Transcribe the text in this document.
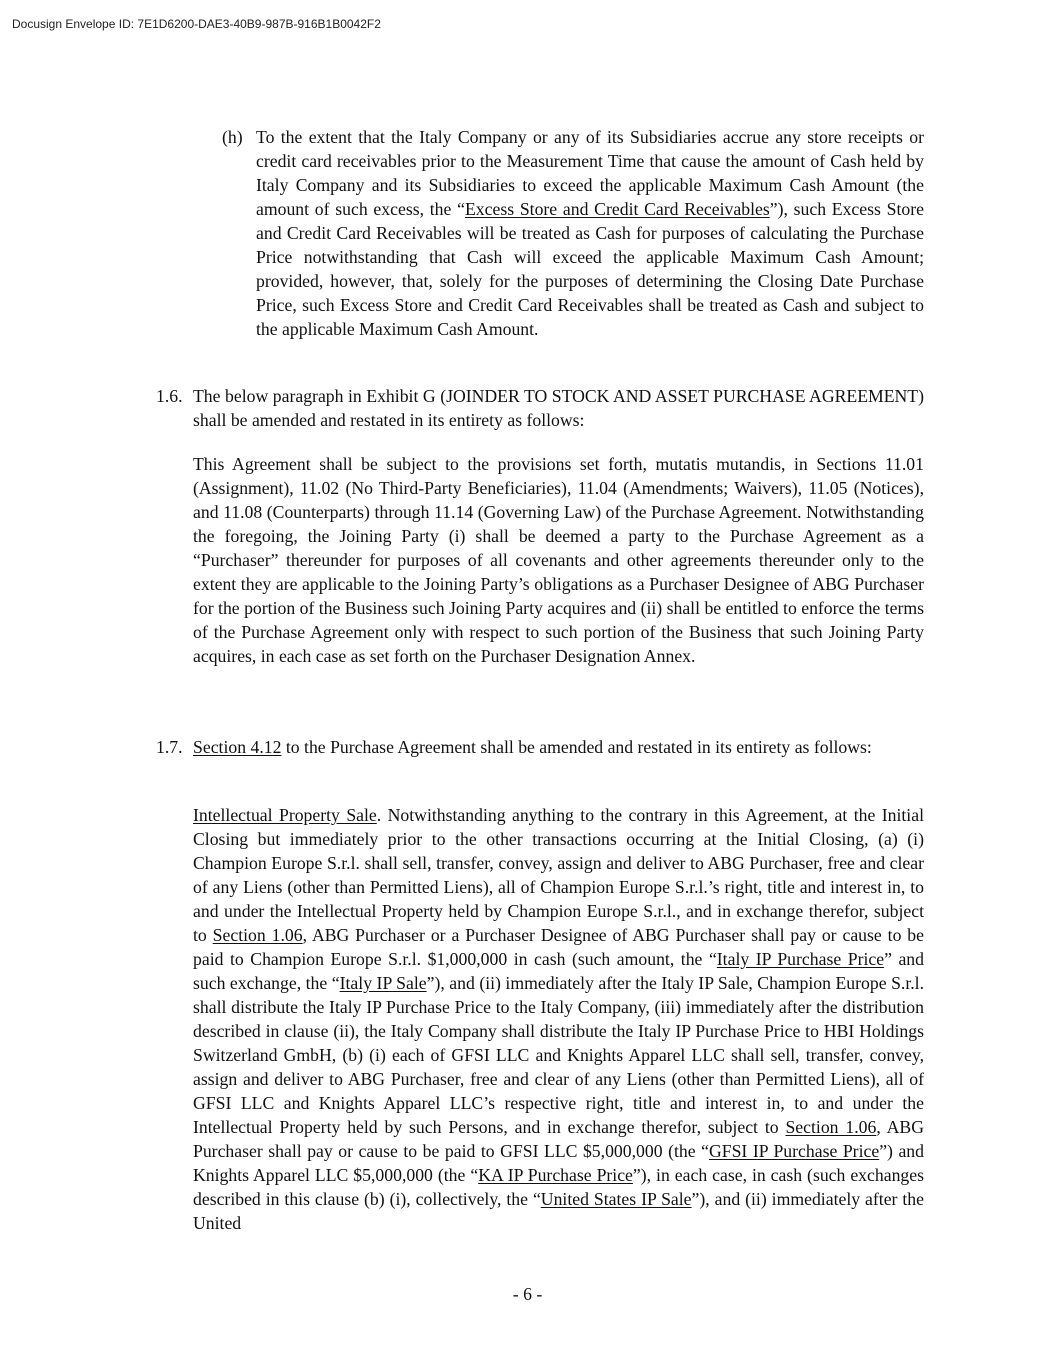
Docusign Envelope ID: 7E1D6200-DAE3-40B9-987B-916B1B0042F2
(h) To the extent that the Italy Company or any of its Subsidiaries accrue any store receipts or credit card receivables prior to the Measurement Time that cause the amount of Cash held by Italy Company and its Subsidiaries to exceed the applicable Maximum Cash Amount (the amount of such excess, the “Excess Store and Credit Card Receivables”), such Excess Store and Credit Card Receivables will be treated as Cash for purposes of calculating the Purchase Price notwithstanding that Cash will exceed the applicable Maximum Cash Amount; provided, however, that, solely for the purposes of determining the Closing Date Purchase Price, such Excess Store and Credit Card Receivables shall be treated as Cash and subject to the applicable Maximum Cash Amount.

1.6. The below paragraph in Exhibit G (JOINDER TO STOCK AND ASSET PURCHASE AGREEMENT) shall be amended and restated in its entirety as follows:

This Agreement shall be subject to the provisions set forth, mutatis mutandis, in Sections 11.01 (Assignment), 11.02 (No Third-Party Beneficiaries), 11.04 (Amendments; Waivers), 11.05 (Notices), and 11.08 (Counterparts) through 11.14 (Governing Law) of the Purchase Agreement. Notwithstanding the foregoing, the Joining Party (i) shall be deemed a party to the Purchase Agreement as a “Purchaser” thereunder for purposes of all covenants and other agreements thereunder only to the extent they are applicable to the Joining Party’s obligations as a Purchaser Designee of ABG Purchaser for the portion of the Business such Joining Party acquires and (ii) shall be entitled to enforce the terms of the Purchase Agreement only with respect to such portion of the Business that such Joining Party acquires, in each case as set forth on the Purchaser Designation Annex.

1.7. Section 4.12 to the Purchase Agreement shall be amended and restated in its entirety as follows:

Intellectual Property Sale. Notwithstanding anything to the contrary in this Agreement, at the Initial Closing but immediately prior to the other transactions occurring at the Initial Closing, (a) (i) Champion Europe S.r.l. shall sell, transfer, convey, assign and deliver to ABG Purchaser, free and clear of any Liens (other than Permitted Liens), all of Champion Europe S.r.l.’s right, title and interest in, to and under the Intellectual Property held by Champion Europe S.r.l., and in exchange therefor, subject to Section 1.06, ABG Purchaser or a Purchaser Designee of ABG Purchaser shall pay or cause to be paid to Champion Europe S.r.l. $1,000,000 in cash (such amount, the “Italy IP Purchase Price” and such exchange, the “Italy IP Sale”), and (ii) immediately after the Italy IP Sale, Champion Europe S.r.l. shall distribute the Italy IP Purchase Price to the Italy Company, (iii) immediately after the distribution described in clause (ii), the Italy Company shall distribute the Italy IP Purchase Price to HBI Holdings Switzerland GmbH, (b) (i) each of GFSI LLC and Knights Apparel LLC shall sell, transfer, convey, assign and deliver to ABG Purchaser, free and clear of any Liens (other than Permitted Liens), all of GFSI LLC and Knights Apparel LLC’s respective right, title and interest in, to and under the Intellectual Property held by such Persons, and in exchange therefor, subject to Section 1.06, ABG Purchaser shall pay or cause to be paid to GFSI LLC $5,000,000 (the “GFSI IP Purchase Price”) and Knights Apparel LLC $5,000,000 (the “KA IP Purchase Price”), in each case, in cash (such exchanges described in this clause (b) (i), collectively, the “United States IP Sale”), and (ii) immediately after the United

- 6 -
